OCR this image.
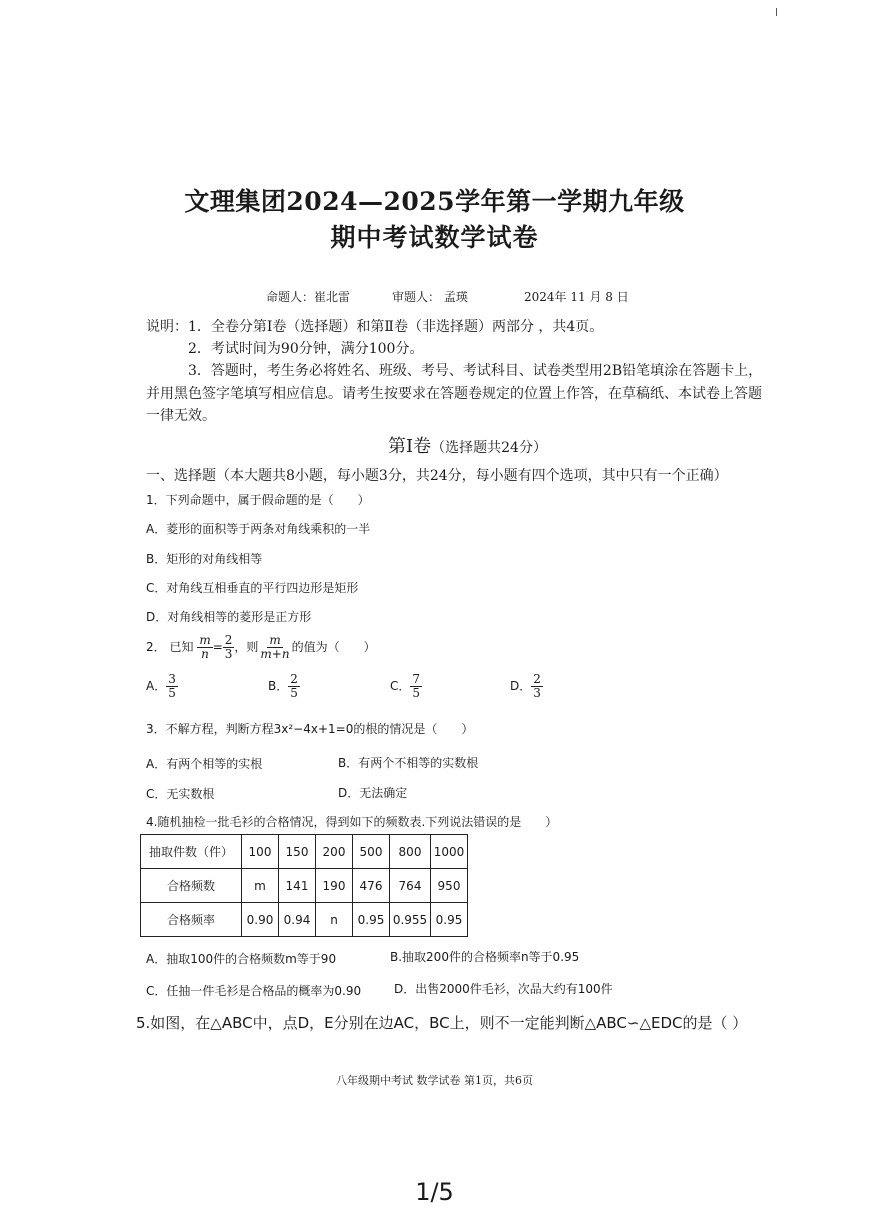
文理集团2024—2025学年第一学期九年级
期中考试数学试卷
命题人：崔北雷	审题人： 孟瑛	2024年 11 月 8 日
说明：1．全卷分第Ⅰ卷（选择题）和第Ⅱ卷（非选择题）两部分 ，共4页。
2．考试时间为90分钟，满分100分。
3．答题时，考生务必将姓名、班级、考号、考试科目、试卷类型用2B铅笔填涂在答题卡上，
并用黑色签字笔填写相应信息。请考生按要求在答题卷规定的位置上作答，在草稿纸、本试卷上答题
一律无效。
第Ⅰ卷（选择题共24分）
一、选择题（本大题共8小题，每小题3分，共24分，每小题有四个选项，其中只有一个正确）
1．下列命题中，属于假命题的是（　　）
A．菱形的面积等于两条对角线乘积的一半
B．矩形的对角线相等
C．对角线互相垂直的平行四边形是矩形
D．对角线相等的菱形是正方形
2． 已知 $\frac{m}{n} = \frac{2}{3}$ ，则 $\frac{m}{m+n}$ 的值为（　　）
A． $\frac{3}{5}$	B． $\frac{2}{5}$	C． $\frac{7}{5}$	D． $\frac{2}{3}$
3．不解方程，判断方程3x²−4x+1=0的根的情况是（　　）
A．有两个相等的实根	B．有两个不相等的实数根
C．无实数根	D．无法确定
4.随机抽检一批毛衫的合格情况，得到如下的频数表.下列说法错误的是　　）
抽取件数（件）	100	150	200	500	800	1000
合格频数	m	141	190	476	764	950
合格频率	0.90	0.94	n	0.95	0.955	0.95
A．抽取100件的合格频数m等于90	B.抽取200件的合格频率n等于0.95
C．任抽一件毛衫是合格品的概率为0.90	D．出售2000件毛衫，次品大约有100件
5.如图，在△ABC中，点D，E分别在边AC，BC上，则不一定能判断△ABC∽△EDC的是（ ）
八年级期中考试 数学试卷 第1页，共6页
1/5
